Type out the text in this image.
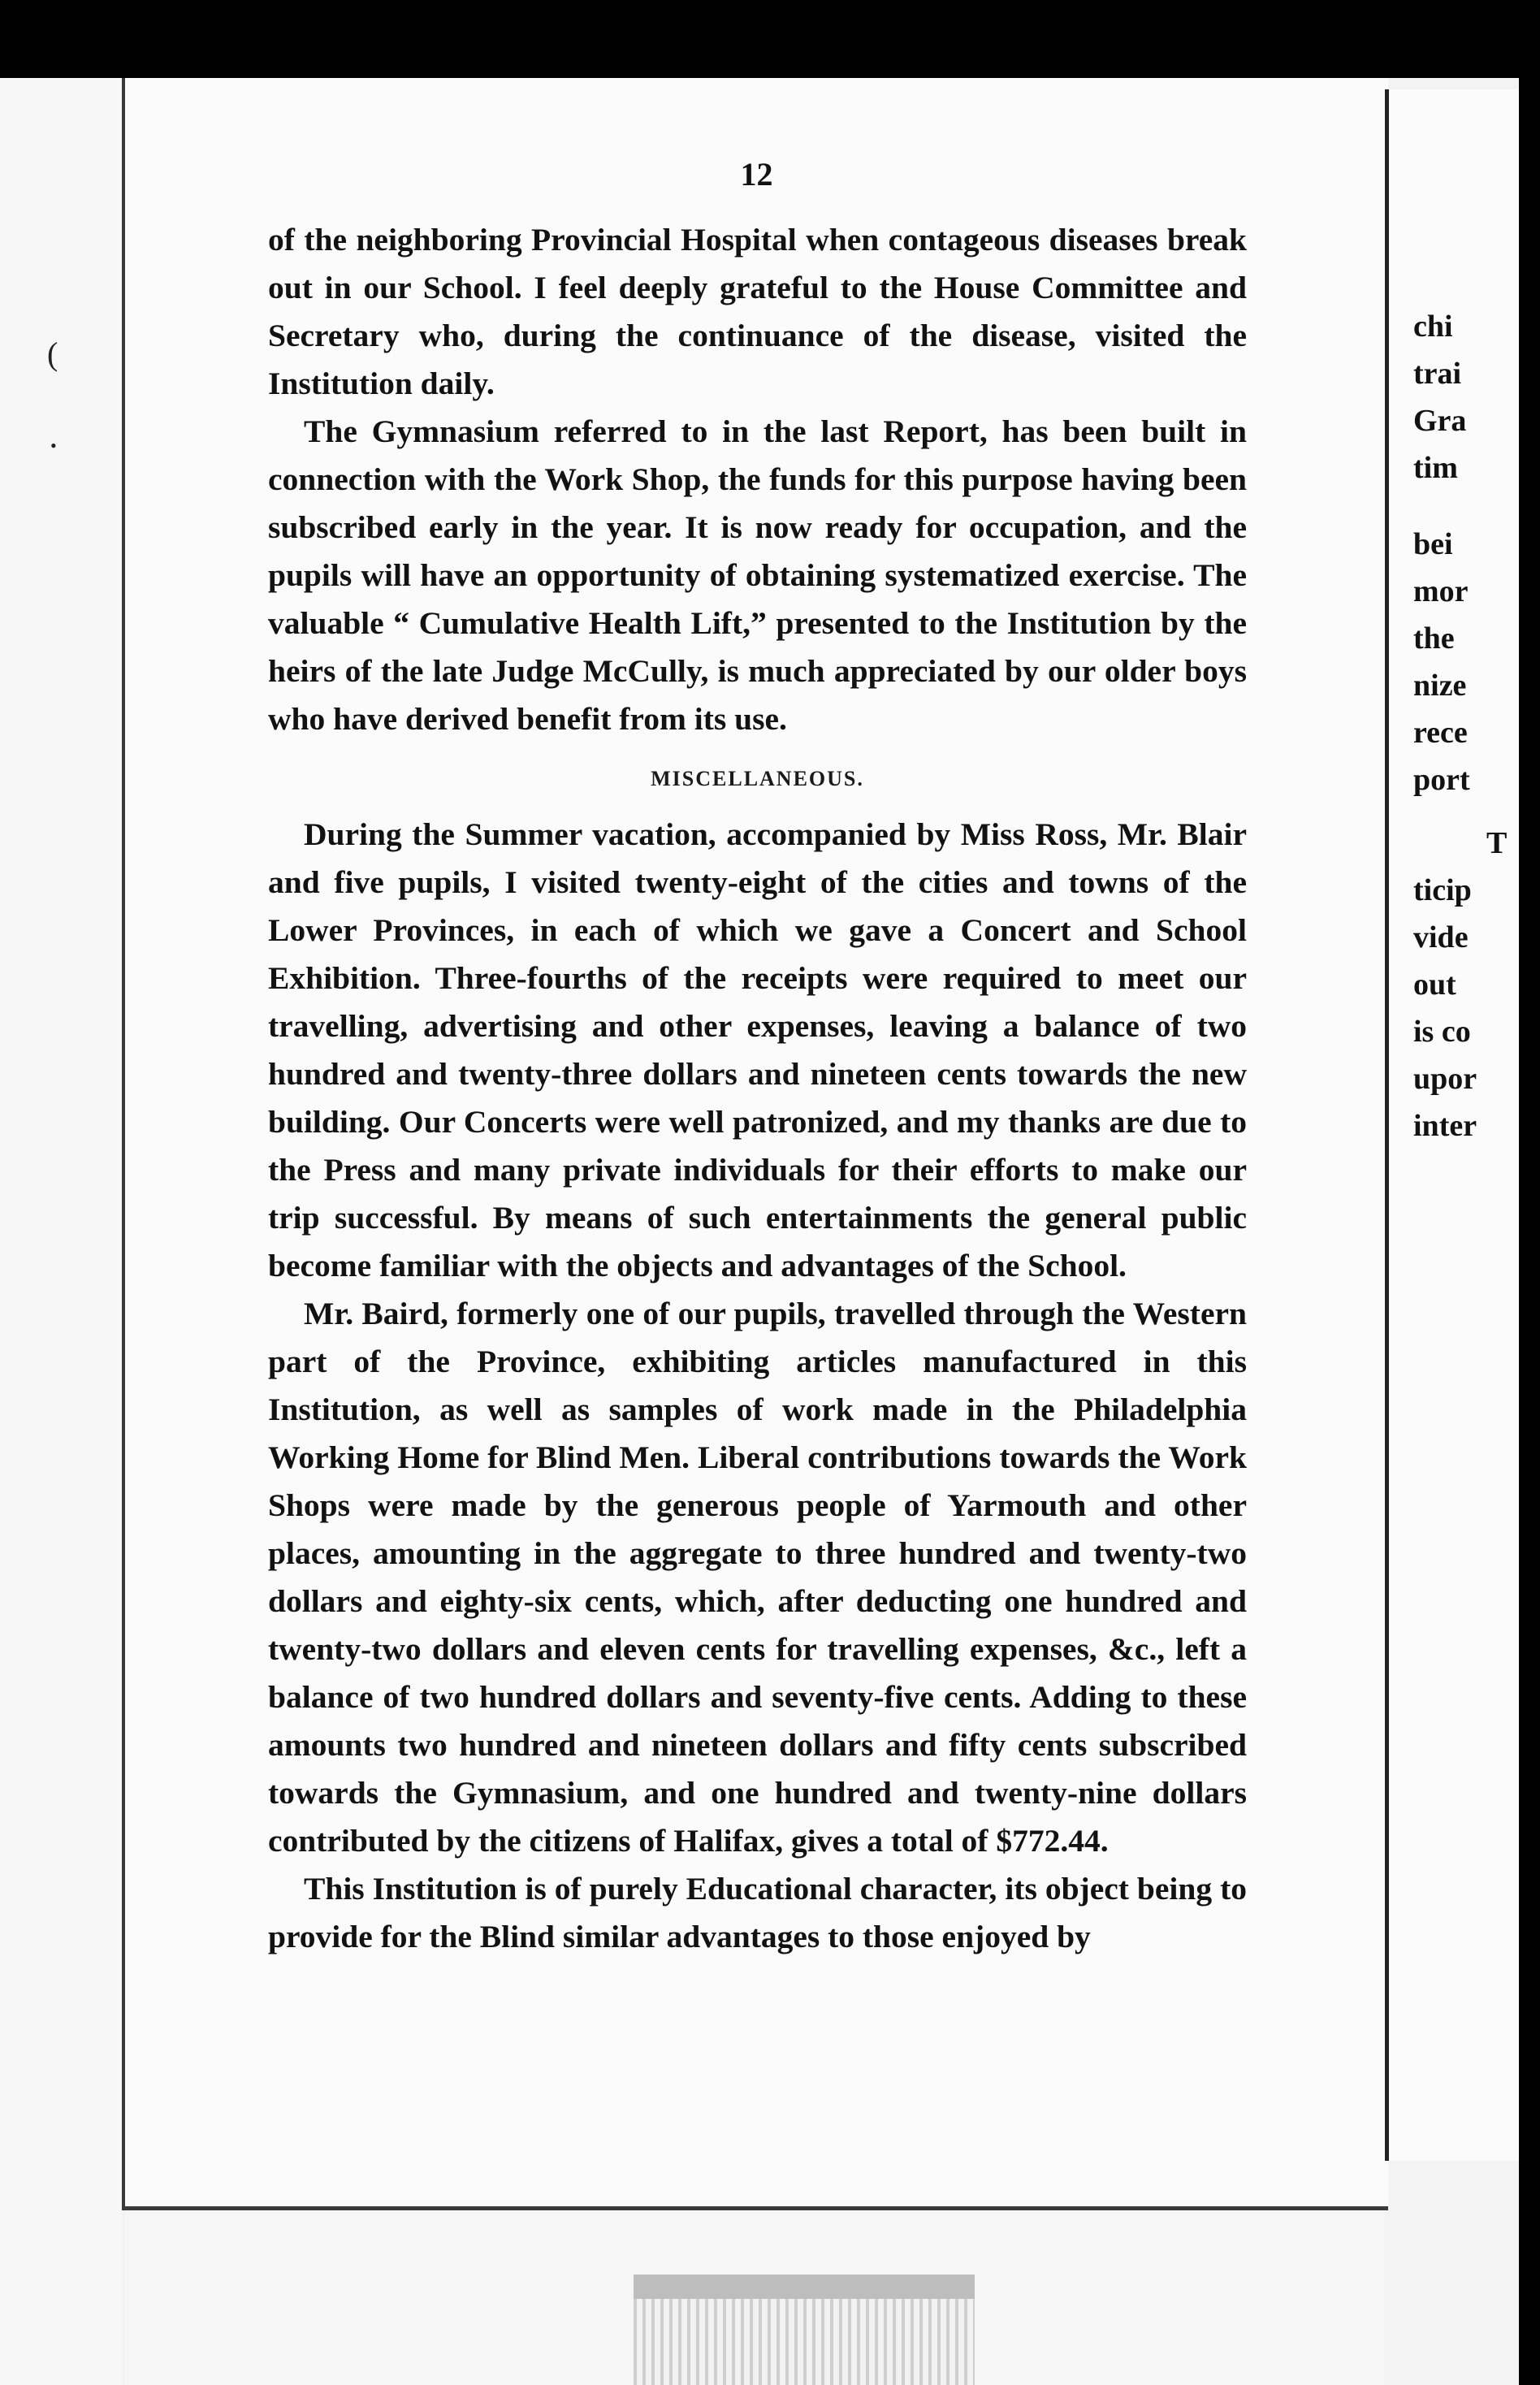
(
•
12

of the neighboring Provincial Hospital when contageous diseases break out in our School. I feel deeply grateful to the House Committee and Secretary who, during the continuance of the disease, visited the Institution daily.

The Gymnasium referred to in the last Report, has been built in connection with the Work Shop, the funds for this purpose having been subscribed early in the year. It is now ready for occupation, and the pupils will have an opportunity of obtaining systematized exercise. The valuable “ Cumulative Health Lift,” presented to the Institution by the heirs of the late Judge McCully, is much appreciated by our older boys who have derived benefit from its use.

MISCELLANEOUS.

During the Summer vacation, accompanied by Miss Ross, Mr. Blair and five pupils, I visited twenty-eight of the cities and towns of the Lower Provinces, in each of which we gave a Concert and School Exhibition. Three-fourths of the receipts were required to meet our travelling, advertising and other expenses, leaving a balance of two hundred and twenty-three dollars and nineteen cents towards the new building. Our Concerts were well patronized, and my thanks are due to the Press and many private individuals for their efforts to make our trip successful. By means of such entertainments the general public become familiar with the objects and advantages of the School.

Mr. Baird, formerly one of our pupils, travelled through the Western part of the Province, exhibiting articles manufactured in this Institution, as well as samples of work made in the Philadelphia Working Home for Blind Men. Liberal contributions towards the Work Shops were made by the generous people of Yarmouth and other places, amounting in the aggregate to three hundred and twenty-two dollars and eighty-six cents, which, after deducting one hundred and twenty-two dollars and eleven cents for travelling expenses, &c., left a balance of two hundred dollars and seventy-five cents. Adding to these amounts two hundred and nineteen dollars and fifty cents subscribed towards the Gymnasium, and one hundred and twenty-nine dollars contributed by the citizens of Halifax, gives a total of $772.44.

This Institution is of purely Educational character, its object being to provide for the Blind similar advantages to those enjoyed by

chi
trai
Gra
tim
bei
mor
the
nize
rece
port
T
ticip
vide
out
is co
upor
inter
